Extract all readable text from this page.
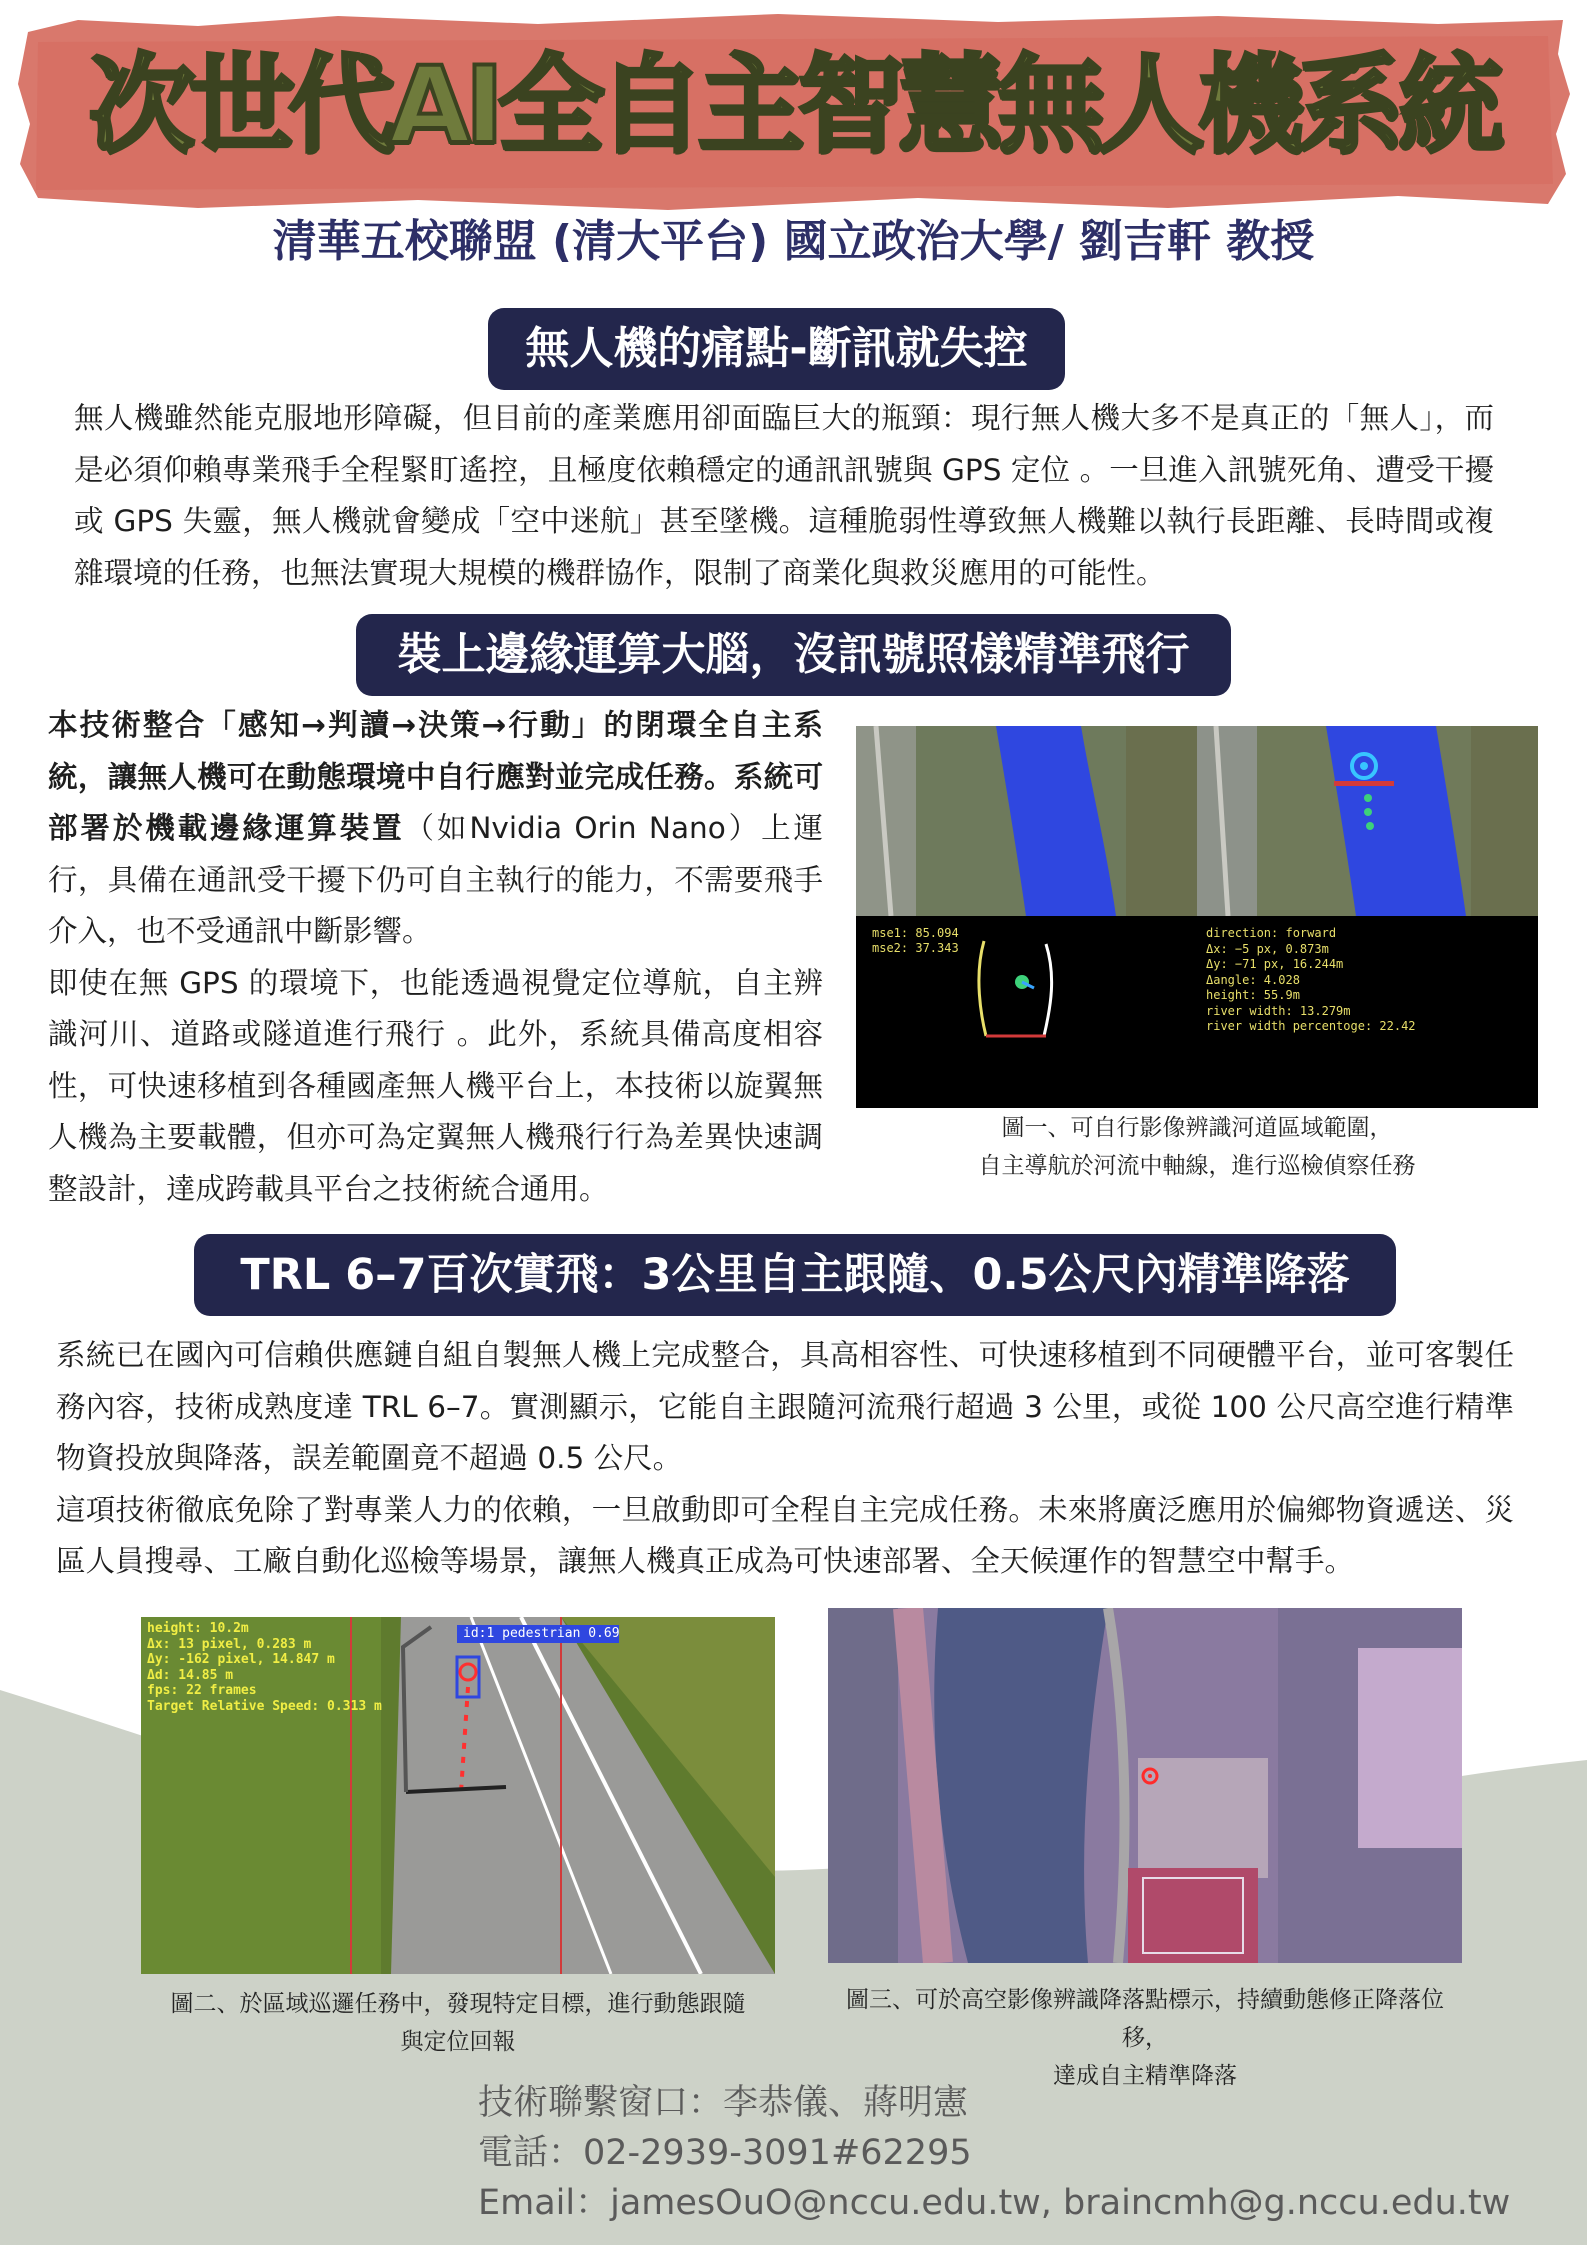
次世代AI全自主智慧無人機系統
清華五校聯盟 (清大平台) 國立政治大學/ 劉吉軒 教授
無人機的痛點-斷訊就失控
無人機雖然能克服地形障礙，但目前的產業應用卻面臨巨大的瓶頸：現行無人機大多不是真正的「無人」，而是必須仰賴專業飛手全程緊盯遙控，且極度依賴穩定的通訊訊號與 GPS 定位 。一旦進入訊號死角、遭受干擾或 GPS 失靈，無人機就會變成「空中迷航」甚至墜機。這種脆弱性導致無人機難以執行長距離、長時間或複雜環境的任務，也無法實現大規模的機群協作，限制了商業化與救災應用的可能性。
裝上邊緣運算大腦，沒訊號照樣精準飛行
本技術整合「感知→判讀→決策→行動」的閉環全自主系統，讓無人機可在動態環境中自行應對並完成任務。系統可部署於機載邊緣運算裝置（如Nvidia Orin Nano）上運行，具備在通訊受干擾下仍可自主執行的能力，不需要飛手介入，也不受通訊中斷影響。
即使在無 GPS 的環境下，也能透過視覺定位導航，自主辨識河川、道路或隧道進行飛行 。此外，系統具備高度相容性，可快速移植到各種國產無人機平台上，本技術以旋翼無人機為主要載體，但亦可為定翼無人機飛行行為差異快速調整設計，達成跨載具平台之技術統合通用。
mse1: 85.094
mse2: 37.343
direction: forward
Δx: −5 px, 0.873m
Δy: −71 px, 16.244m
Δangle: 4.028
height: 55.9m
river width: 13.279m
river width percentoge: 22.42
圖一、可自行影像辨識河道區域範圍，
自主導航於河流中軸線，進行巡檢偵察任務
TRL 6–7百次實飛：3公里自主跟隨、0.5公尺內精準降落
系統已在國內可信賴供應鏈自組自製無人機上完成整合，具高相容性、可快速移植到不同硬體平台，並可客製任務內容，技術成熟度達 TRL 6–7。實測顯示，它能自主跟隨河流飛行超過 3 公里，或從 100 公尺高空進行精準物資投放與降落，誤差範圍竟不超過 0.5 公尺。
這項技術徹底免除了對專業人力的依賴，一旦啟動即可全程自主完成任務。未來將廣泛應用於偏鄉物資遞送、災區人員搜尋、工廠自動化巡檢等場景，讓無人機真正成為可快速部署、全天候運作的智慧空中幫手。
id:1 pedestrian 0.69
height: 10.2m
Δx: 13 pixel, 0.283 m
Δy: -162 pixel, 14.847 m
Δd: 14.85 m
fps: 22 frames
Target Relative Speed: 0.313 m
圖二、於區域巡邏任務中，發現特定目標，進行動態跟隨
與定位回報
圖三、可於高空影像辨識降落點標示，持續動態修正降落位移，
達成自主精準降落
技術聯繫窗口：李恭儀、蔣明憲
電話：02-2939-3091#62295
Email：jamesOuO@nccu.edu.tw, braincmh@g.nccu.edu.tw
